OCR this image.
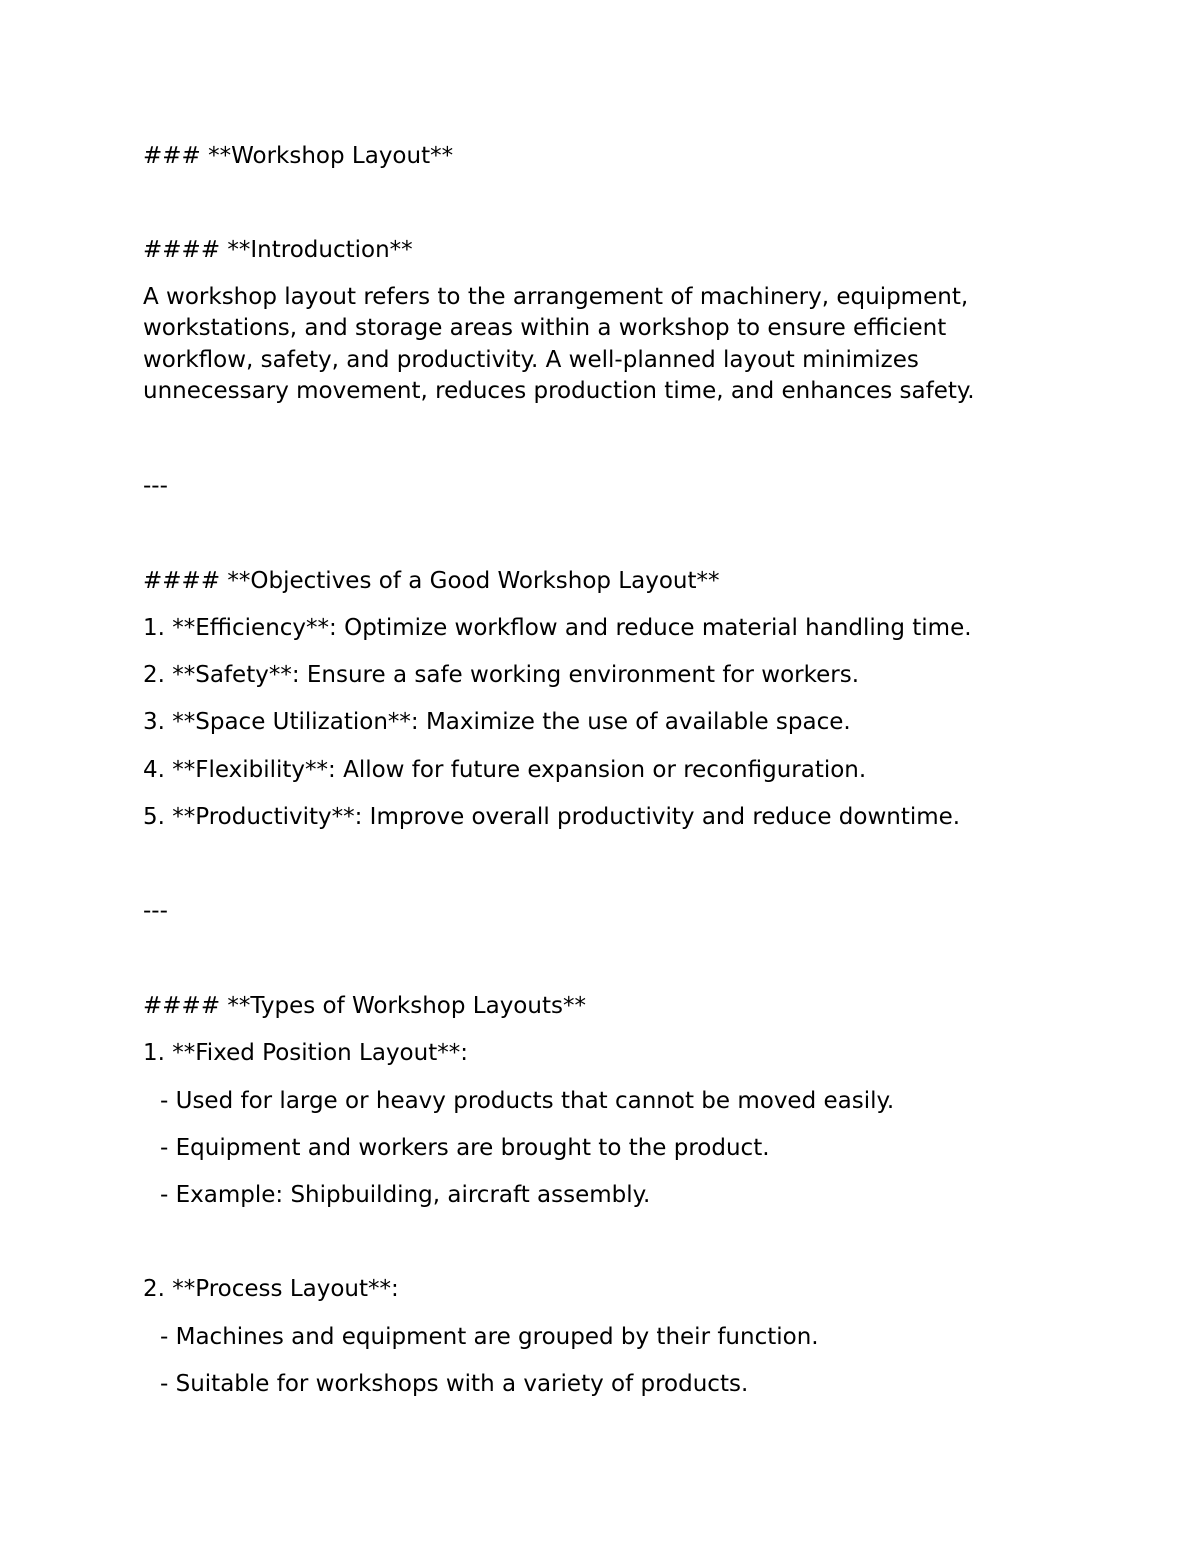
### **Workshop Layout**
#### **Introduction**
A workshop layout refers to the arrangement of machinery, equipment,
workstations, and storage areas within a workshop to ensure efficient
workflow, safety, and productivity. A well-planned layout minimizes
unnecessary movement, reduces production time, and enhances safety.
---
#### **Objectives of a Good Workshop Layout**
1. **Efficiency**: Optimize workflow and reduce material handling time.
2. **Safety**: Ensure a safe working environment for workers.
3. **Space Utilization**: Maximize the use of available space.
4. **Flexibility**: Allow for future expansion or reconfiguration.
5. **Productivity**: Improve overall productivity and reduce downtime.
---
#### **Types of Workshop Layouts**
1. **Fixed Position Layout**:
- Used for large or heavy products that cannot be moved easily.
- Equipment and workers are brought to the product.
- Example: Shipbuilding, aircraft assembly.
2. **Process Layout**:
- Machines and equipment are grouped by their function.
- Suitable for workshops with a variety of products.
